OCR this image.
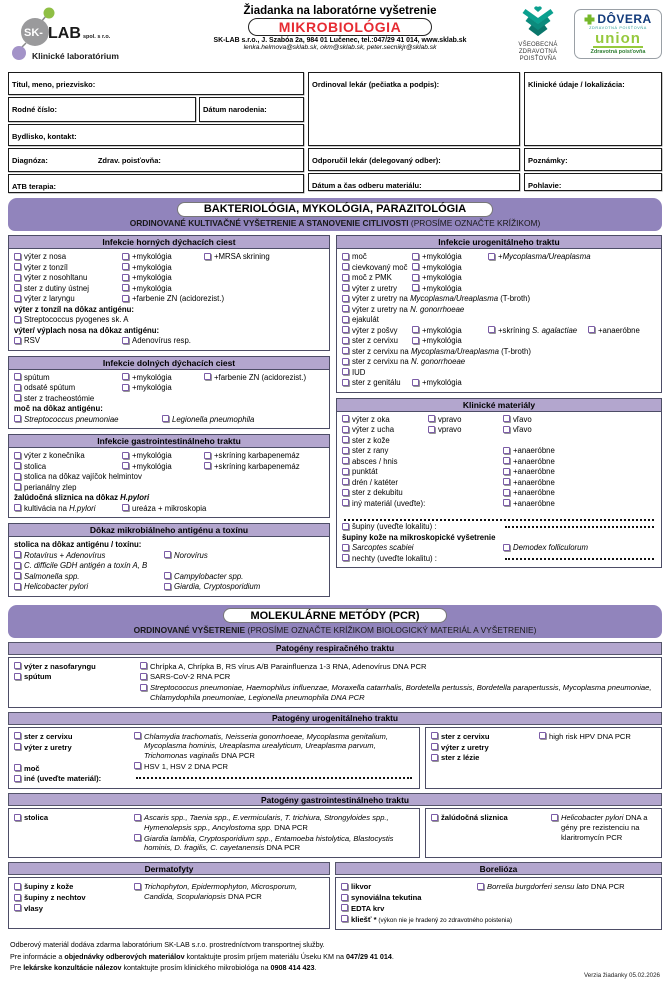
SK- LAB spol. s r.o.
Klinické laboratórium
Žiadanka na laboratórne vyšetrenie
MIKROBIOLÓGIA
SK-LAB s.r.o., J. Szabóa 2a, 984 01 Lučenec, tel.:047/29 41 014, www.sklab.sk
lenka.helmova@sklab.sk, okm@sklab.sk, peter.secnikjr@sklab.sk	VŠEOBECNÁ
ZDRAVOTNÁ
POISŤOVŇA
DÔVERA
ZDRAVOTNÁ POISŤOVŇA
union
Zdravotná poisťovňa
Titul, meno, priezvisko:
Rodné číslo:	Dátum narodenia:
Bydlisko, kontakt:
Diagnóza:	Zdrav. poisťovňa:
ATB terapia:
Ordinoval lekár (pečiatka a podpis):
Odporučil lekár (delegovaný odber):
Dátum a čas odberu materiálu:
Klinické údaje / lokalizácia:
Poznámky:
Pohlavie:
BAKTERIOLÓGIA, MYKOLÓGIA, PARAZITOLÓGIA
ORDINOVANÉ KULTIVAČNÉ VYŠETRENIE A STANOVENIE CITLIVOSTI (PROSÍME OZNAČTE KRÍŽIKOM)
Infekcie horných dýchacích ciest
výter z nosa	+mykológia	+MRSA skrining
výter z tonzíl	+mykológia
výter z nosohltanu	+mykológia
ster z dutiny ústnej	+mykológia
výter z laryngu	+farbenie ZN (acidorezist.)
výter z tonzíl na dôkaz antigénu:
Streptococcus pyogenes sk. A
výter/ výplach nosa na dôkaz antigénu:
RSV	Adenovírus resp.
Infekcie dolných dýchacích ciest
spútum	+mykológia	+farbenie ZN (acidorezist.)
odsaté spútum	+mykológia
ster z tracheostómie
moč na dôkaz antigénu:
Streptococcus pneumoniae	Legionella pneumophila
Infekcie gastrointestinálneho traktu
výter z konečníka	+mykológia	+skríning karbapenemáz
stolica	+mykológia	+skríning karbapenemáz
stolica na dôkaz vajíčok helmintov
perianálny zlep
žalúdočná sliznica na dôkaz H.pylori
kultivácia na H.pylori	ureáza + mikroskopia
Dôkaz mikrobiálneho antigénu a toxínu
stolica na dôkaz antigénu / toxínu:
Rotavírus + Adenovírus	Norovírus
C. difficile GDH antigén a toxín A, B
Salmonella spp.	Campylobacter spp.
Helicobacter pylori	Giardia, Cryptosporidium
Infekcie urogenitálneho traktu
moč	+mykológia	+Mycoplasma/Ureaplasma
cievkovaný moč +mykológia
moč z PMK	+mykológia
výter z uretry	+mykológia
výter z uretry na Mycoplasma/Ureaplasma (T-broth)
výter z uretry na N. gonorrhoeae
ejakulát
výter z pošvy	+mykológia	+skríning S. agalactiae	+anaeróbne
ster z cervixu	+mykológia
ster z cervixu na Mycoplasma/Ureaplasma (T-broth)
ster z cervixu na N. gonorrhoeae
IUD
ster z genitálu	+mykológia
Klinické materiály
výter z oka	vpravo	vľavo
výter z ucha	vpravo	vľavo
ster z kože
ster z rany	+anaeróbne
absces / hnis	+anaeróbne
punktát	+anaeróbne
drén / katéter	+anaeróbne
ster z dekubitu	+anaeróbne
iný materiál (uveďte):	+anaeróbne
šupiny (uveďte lokalitu) :
šupiny kože na mikroskopické vyšetrenie
Sarcoptes scabiei	Demodex folliculorum
nechty (uveďte lokalitu) :
MOLEKULÁRNE METÓDY (PCR)
ORDINOVANÉ VYŠETRENIE (PROSÍME OZNAČTE KRÍŽIKOM BIOLOGICKÝ MATERIÁL A VYŠETRENIE)
Patogény respiračného traktu
výter z nasofaryngu
spútum
Chrípka A, Chrípka B, RS vírus A/B Parainfluenza 1-3 RNA, Adenovírus DNA PCR
SARS-CoV-2 RNA PCR
Streptococcus pneumoniae, Haemophilus influenzae, Moraxella catarrhalis, Bordetella pertussis, Bordetella parapertussis, Mycoplasma pneumoniae, Chlamydophila pneumoniae, Legionella pneumophila DNA PCR
Patogény urogenitálneho traktu
ster z cervixu
výter z uretry
moč
iné (uveďte materiál):
Chlamydia trachomatis, Neisseria gonorrhoeae, Mycoplasma genitalium, Mycoplasma hominis, Ureaplasma urealyticum, Ureaplasma parvum, Trichomonas vaginalis DNA PCR
HSV 1, HSV 2 DNA PCR
ster z cervixu
výter z uretry
ster z lézie
high risk HPV DNA PCR
Patogény gastrointestinálneho traktu
stolica	Ascaris spp., Taenia spp., E.vermicularis, T. trichiura, Strongyloides spp., Hymenolepsis spp., Ancylostoma spp. DNA PCR
Giardia lamblia, Cryptosporidium spp., Entamoeba histolytica, Blastocystis hominis, D. fragilis, C. cayetanensis DNA PCR
žalúdočná sliznica	Helicobacter pylori DNA a gény pre rezistenciu na klaritromycín PCR
Dermatofyty
šupiny z kože
šupiny z nechtov
vlasy
Trichophyton, Epidermophyton, Microsporum, Candida, Scopulariopsis DNA PCR
Borelióza
likvor
synoviálna tekutina
EDTA krv
kliešť * (výkon nie je hradený zo zdravotného poistenia)
Borrelia burgdorferi sensu lato DNA PCR
Odberový materiál dodáva zdarma laboratórium SK-LAB s.r.o. prostredníctvom transportnej služby.
Pre informácie a objednávky odberových materiálov kontaktujte prosím príjem materiálu Úseku KM na 047/29 41 014.
Pre lekárske konzultácie nálezov kontaktujte prosím klinického mikrobiológa na 0908 414 423.
Verzia žiadanky 05.02.2026
